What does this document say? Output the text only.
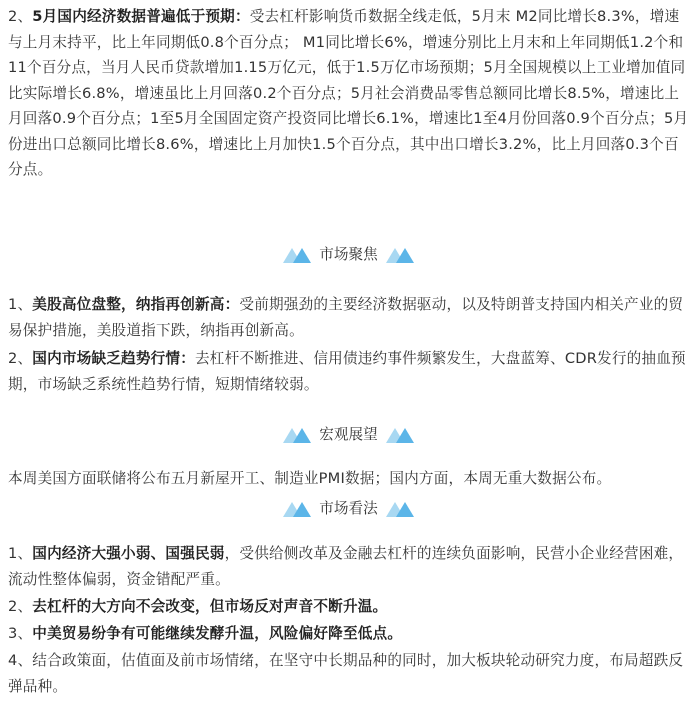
2、5月国内经济数据普遍低于预期：受去杠杆影响货币数据全线走低，5月末 M2同比增长8.3%，增速与上月末持平，比上年同期低0.8个百分点； M1同比增长6%，增速分别比上月末和上年同期低1.2个和11个百分点，当月人民币贷款增加1.15万亿元，低于1.5万亿市场预期；5月全国规模以上工业增加值同比实际增长6.8%，增速虽比上月回落0.2个百分点；5月社会消费品零售总额同比增长8.5%，增速比上月回落0.9个百分点；1至5月全国固定资产投资同比增长6.1%，增速比1至4月份回落0.9个百分点；5月份进出口总额同比增长8.6%，增速比上月加快1.5个百分点，其中出口增长3.2%，比上月回落0.3个百分点。

市场聚焦

1、美股高位盘整，纳指再创新高：受前期强劲的主要经济数据驱动，以及特朗普支持国内相关产业的贸易保护措施，美股道指下跌，纳指再创新高。

2、国内市场缺乏趋势行情：去杠杆不断推进、信用债违约事件频繁发生，大盘蓝筹、CDR发行的抽血预期，市场缺乏系统性趋势行情，短期情绪较弱。

宏观展望

本周美国方面联储将公布五月新屋开工、制造业PMI数据；国内方面，本周无重大数据公布。

市场看法

1、国内经济大强小弱、国强民弱，受供给侧改革及金融去杠杆的连续负面影响，民营小企业经营困难，流动性整体偏弱，资金错配严重。

2、去杠杆的大方向不会改变，但市场反对声音不断升温。

3、中美贸易纷争有可能继续发酵升温，风险偏好降至低点。

4、结合政策面，估值面及前市场情绪，在坚守中长期品种的同时，加大板块轮动研究力度，布局超跌反弹品种。
